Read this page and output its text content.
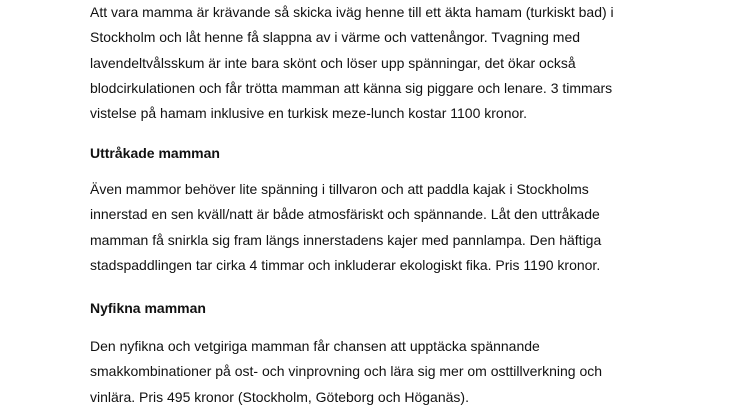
Att vara mamma är krävande så skicka iväg henne till ett äkta hamam (turkiskt bad) i
Stockholm och låt henne få slappna av i värme och vattenångor. Tvagning med
lavendeltvålsskum är inte bara skönt och löser upp spänningar, det ökar också
blodcirkulationen och får trötta mamman att känna sig piggare och lenare. 3 timmars
vistelse på hamam inklusive en turkisk meze-lunch kostar 1100 kronor.

Uttråkade mamman

Även mammor behöver lite spänning i tillvaron och att paddla kajak i Stockholms
innerstad en sen kväll/natt är både atmosfäriskt och spännande. Låt den uttråkade
mamman få snirkla sig fram längs innerstadens kajer med pannlampa. Den häftiga
stadspaddlingen tar cirka 4 timmar och inkluderar ekologiskt fika. Pris 1190 kronor.

Nyfikna mamman

Den nyfikna och vetgiriga mamman får chansen att upptäcka spännande
smakkombinationer på ost- och vinprovning och lära sig mer om osttillverkning och
vinlära. Pris 495 kronor (Stockholm, Göteborg och Höganäs).
